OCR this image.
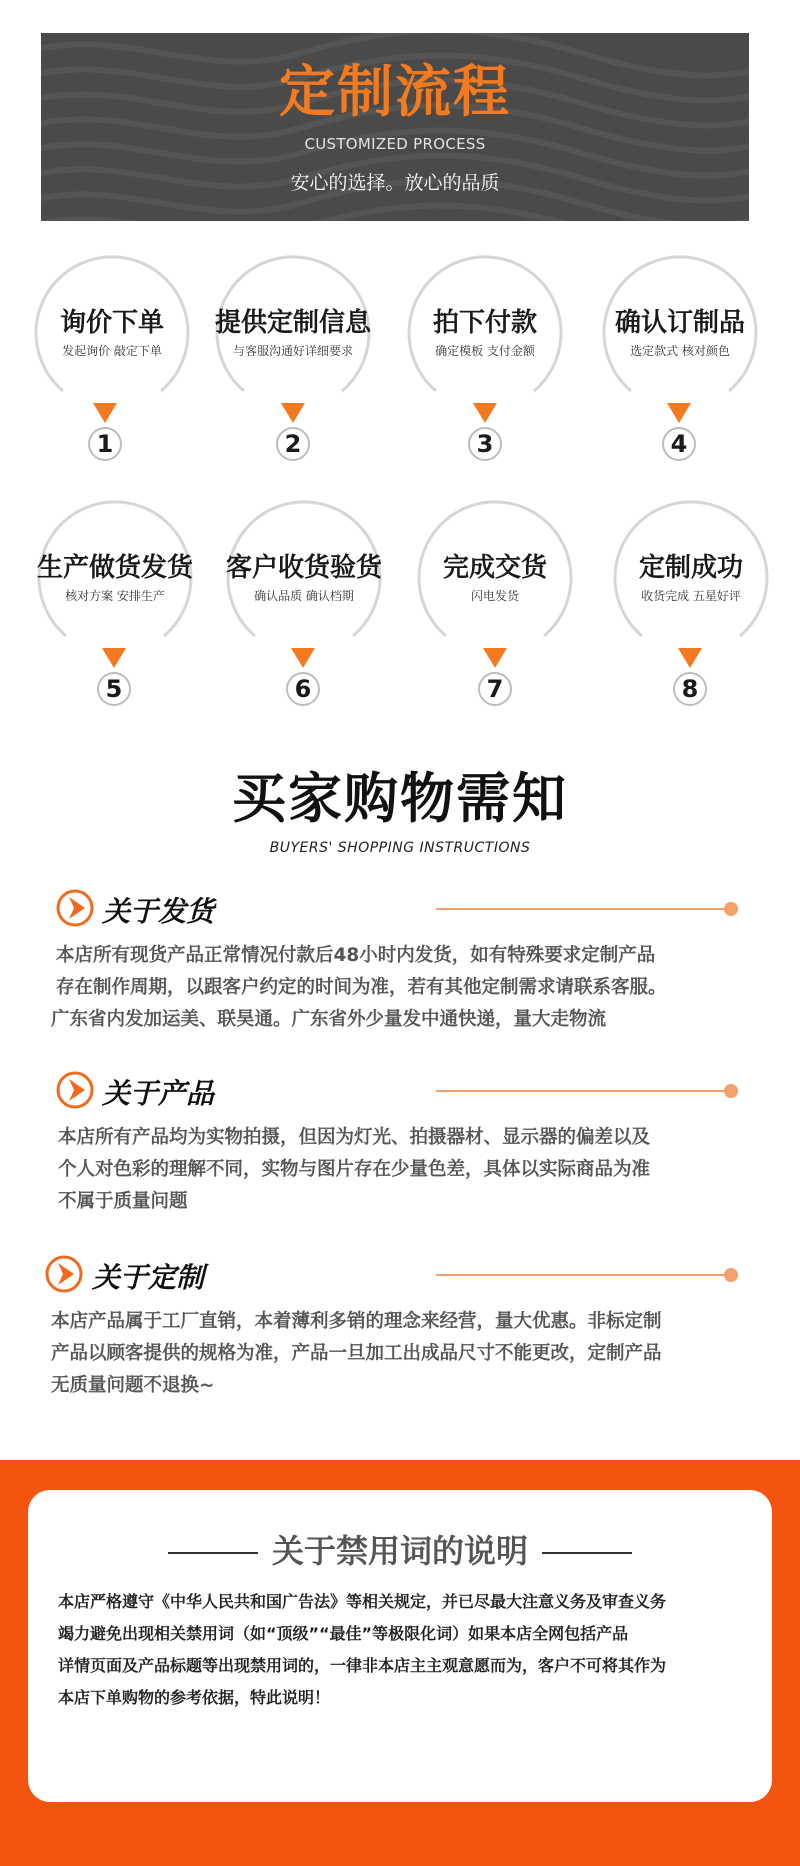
定制流程
CUSTOMIZED PROCESS
安心的选择。放心的品质
询价下单
发起询价 敲定下单
1
提供定制信息
与客服沟通好详细要求
2
拍下付款
确定模板 支付金额
3
确认订制品
选定款式 核对颜色
4
生产做货发货
核对方案 安排生产
5
客户收货验货
确认品质 确认档期
6
完成交货
闪电发货
7
定制成功
收货完成 五星好评
8
买家购物需知
BUYERS' SHOPPING INSTRUCTIONS
关于发货
本店所有现货产品正常情况付款后48小时内发货，如有特殊要求定制产品
存在制作周期，以跟客户约定的时间为准，若有其他定制需求请联系客服。
广东省内发加运美、联昊通。广东省外少量发中通快递，量大走物流
关于产品
本店所有产品均为实物拍摄，但因为灯光、拍摄器材、显示器的偏差以及
个人对色彩的理解不同，实物与图片存在少量色差，具体以实际商品为准
不属于质量问题
关于定制
本店产品属于工厂直销，本着薄利多销的理念来经营，量大优惠。非标定制
产品以顾客提供的规格为准，产品一旦加工出成品尺寸不能更改，定制产品
无质量问题不退换~
关于禁用词的说明
本店严格遵守《中华人民共和国广告法》等相关规定，并已尽最大注意义务及审查义务
竭力避免出现相关禁用词（如“顶级”“最佳”等极限化词）如果本店全网包括产品
详情页面及产品标题等出现禁用词的，一律非本店主主观意愿而为，客户不可将其作为
本店下单购物的参考依据，特此说明！
